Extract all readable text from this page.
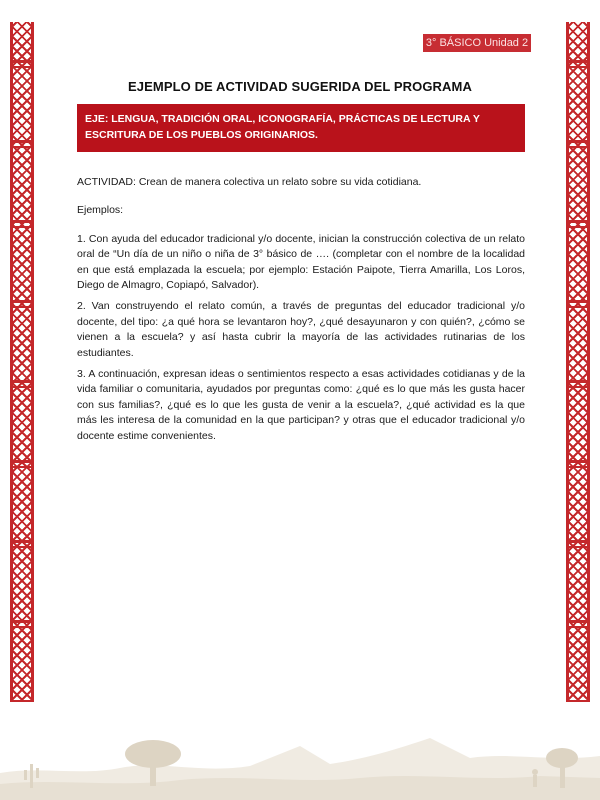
3° BÁSICO Unidad 2
EJEMPLO DE ACTIVIDAD SUGERIDA DEL PROGRAMA
EJE: LENGUA, TRADICIÓN ORAL, ICONOGRAFÍA, PRÁCTICAS DE LECTURA Y ESCRITURA DE LOS PUEBLOS ORIGINARIOS.

ACTIVIDAD: Crean de manera colectiva un relato sobre su vida cotidiana.

Ejemplos:

1. Con ayuda del educador tradicional y/o docente, inician la construcción colectiva de un relato oral de “Un día de un niño o niña de 3° básico de …. (completar con el nombre de la localidad en que está emplazada la escuela; por ejemplo: Estación Paipote, Tierra Amarilla, Los Loros, Diego de Almagro, Copiapó, Salvador).

2. Van construyendo el relato común, a través de preguntas del educador tradicional y/o docente, del tipo: ¿a qué hora se levantaron hoy?, ¿qué desayunaron y con quién?, ¿cómo se vienen a la escuela? y así hasta cubrir la mayoría de las actividades rutinarias de los estudiantes.

3. A continuación, expresan ideas o sentimientos respecto a esas actividades cotidianas y de la vida familiar o comunitaria, ayudados por preguntas como: ¿qué es lo que más les gusta hacer con sus familias?, ¿qué es lo que les gusta de venir a la escuela?, ¿qué actividad es la que más les interesa de la comunidad en la que participan? y otras que el educador tradicional y/o docente estime convenientes.
